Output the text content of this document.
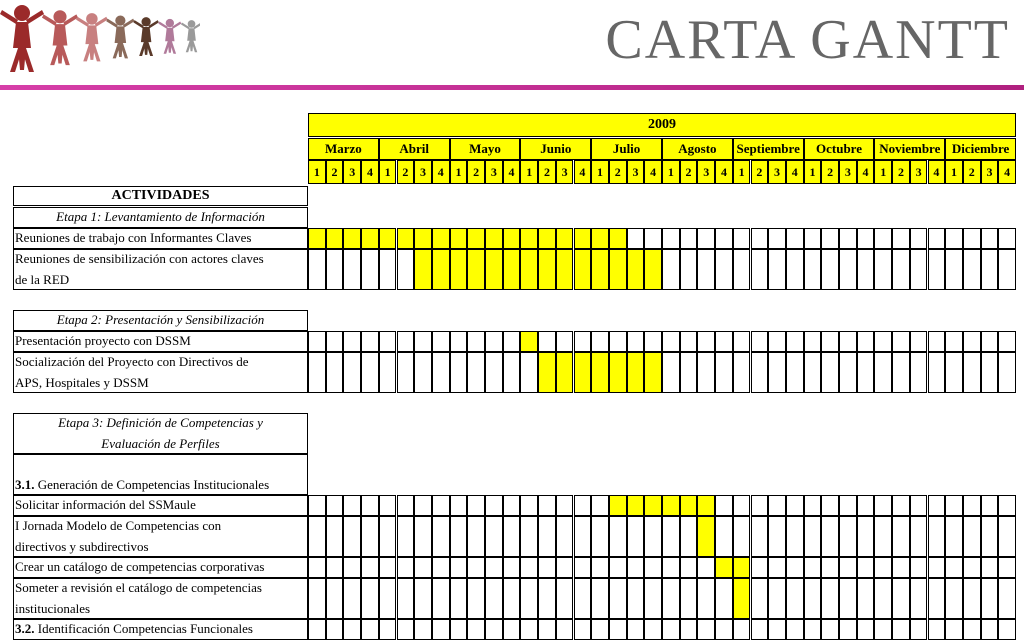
CARTA GANTT
2009
Marzo
1 2 3 4
Abril
1 2 3 4
Mayo
1 2 3 4
Junio
1 2 3 4
Julio
1 2 3 4
Agosto
1 2 3 4
Septiembre
1 2 3 4
Octubre
1 2 3 4
Noviembre
1 2 3 4
Diciembre
1 2 3 4
ACTIVIDADES
Etapa 1: Levantamiento de Información
Reuniones de trabajo con Informantes Claves
Reuniones de sensibilización con actores claves
de la RED
Etapa 2: Presentación y Sensibilización
Presentación proyecto con DSSM
Socialización del Proyecto con Directivos de
APS, Hospitales y DSSM
Etapa 3: Definición de Competencias y
Evaluación de Perfiles
3.1. Generación de Competencias Institucionales
Solicitar información del SSMaule
I Jornada Modelo de Competencias con
directivos y subdirectivos
Crear un catálogo de competencias corporativas
Someter a revisión el catálogo de competencias
institucionales
3.2. Identificación Competencias Funcionales
